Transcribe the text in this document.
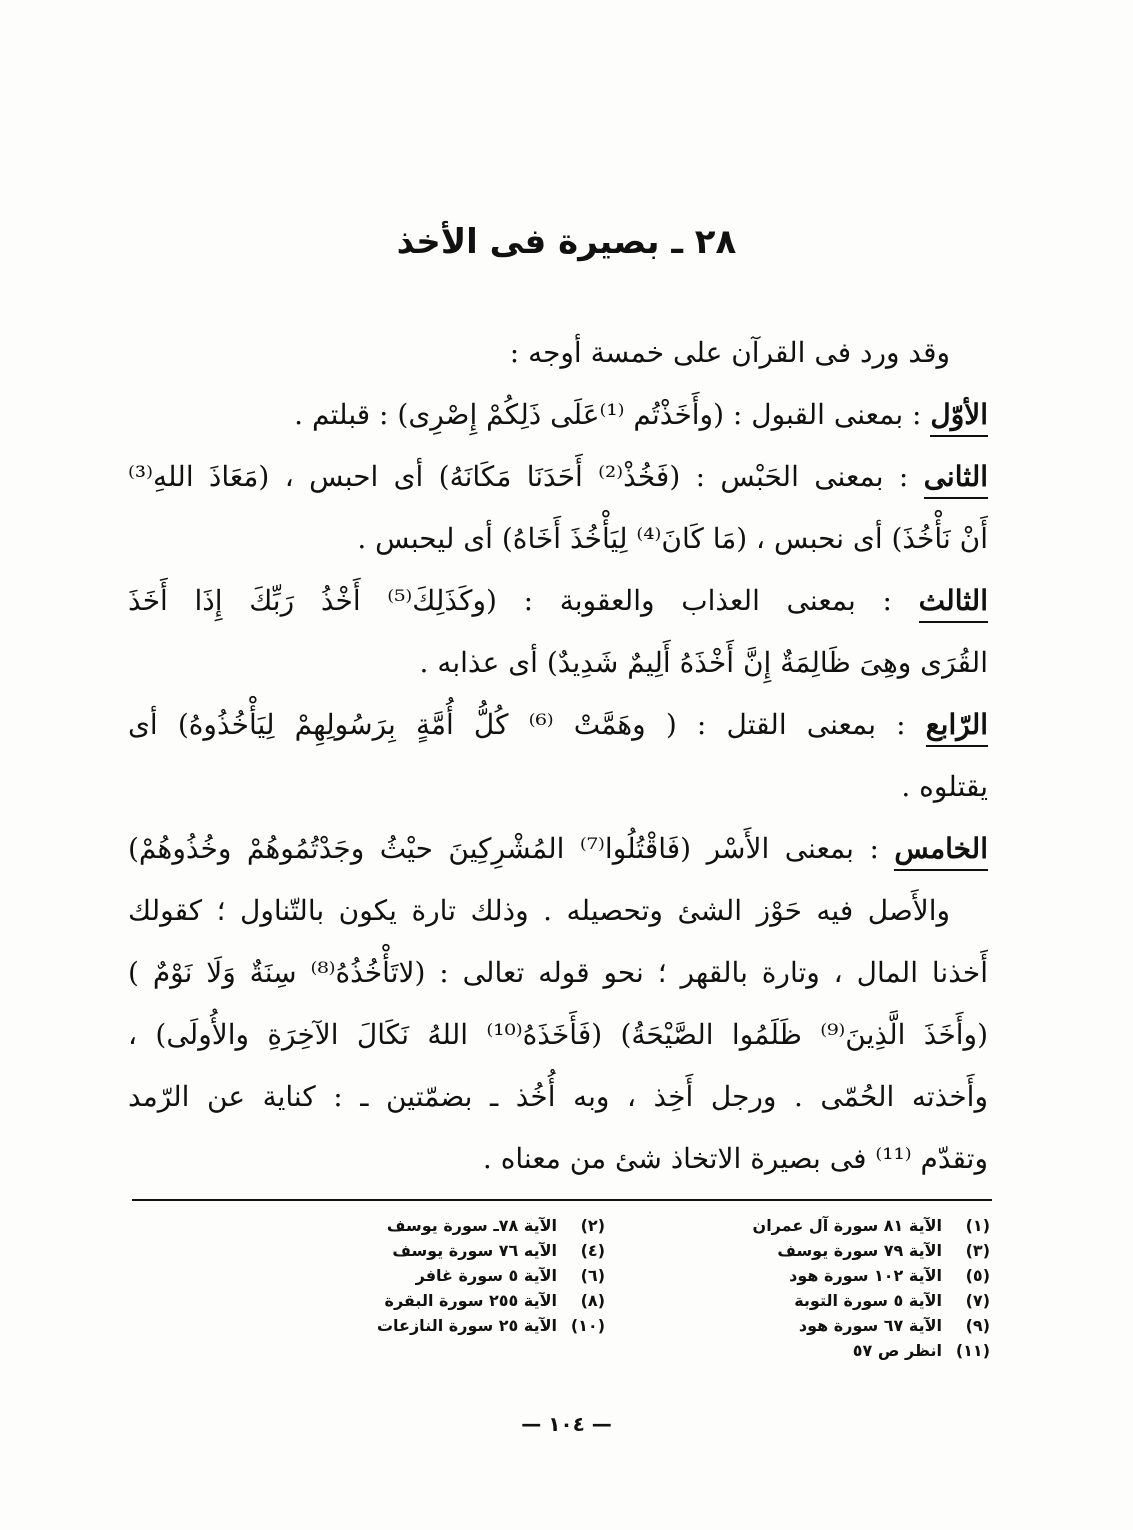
٢٨ ـ بصيرة فى الأخذ
وقد ورد فى القرآن على خمسة أوجه :
الأوّل : بمعنى القبول : (وأَخَذْتُم ⁽¹⁾عَلَى ذَلِكُمْ إِصْرِى) : قبلتم .
الثانى : بمعنى الحَبْس : (فَخُذْ⁽²⁾ أَحَدَنَا مَكَانَهُ) أى احبس ، (مَعَاذَ اللهِ⁽³⁾
أَنْ نَأْخُذَ) أى نحبس ، (مَا كَانَ⁽⁴⁾ لِيَأْخُذَ أَخَاهُ) أى ليحبس .
الثالث : بمعنى العذاب والعقوبة : (وكَذَلِكَ⁽⁵⁾ أَخْذُ رَبِّكَ إِذَا أَخَذَ
القُرَى وهِىَ ظَالِمَةٌ إِنَّ أَخْذَهُ أَلِيمٌ شَدِيدٌ) أى عذابه .
الرّابع : بمعنى القتل : ( وهَمَّتْ ⁽⁶⁾ كُلُّ أُمَّةٍ بِرَسُولِهِمْ لِيَأْخُذُوهُ) أى
يقتلوه .
الخامس : بمعنى الأَسْر (فَاقْتُلُوا⁽⁷⁾ المُشْرِكِينَ حيْثُ وجَدْتُمُوهُمْ وخُذُوهُمْ)
والأَصل فيه حَوْز الشئ وتحصيله . وذلك تارة يكون بالتّناول ؛ كقولك
أَخذنا المال ، وتارة بالقهر ؛ نحو قوله تعالى : (لاتَأْخُذُهُ⁽⁸⁾ سِنَةٌ وَلَا نَوْمٌ )
(وأَخَذَ الَّذِينَ⁽⁹⁾ ظَلَمُوا الصَّيْحَةُ) (فَأَخَذَهُ⁽¹⁰⁾ اللهُ نَكَالَ الآخِرَةِ والأُولَى) ،
وأَخذته الحُمّى . ورجل أَخِذ ، وبه أُخُذ ـ بضمّتين ـ : كناية عن الرّمد
وتقدّم ⁽¹¹⁾ فى بصيرة الاتخاذ شئ من معناه .
(١)الآية ٨١ سورة آل عمران
(٣)الآية ٧٩ سورة يوسف
(٥)الآية ١٠٢ سورة هود
(٧)الآية ٥ سورة التوبة
(٩)الآية ٦٧ سورة هود
(١١)انظر ص ٥٧
(٢)الآية ٧٨ـ سورة يوسف
(٤)الآيه ٧٦ سورة يوسف
(٦)الآية ٥ سورة غافر
(٨)الآية ٢٥٥ سورة البقرة
(١٠)الآية ٢٥ سورة النازعات
— ١٠٤ —
